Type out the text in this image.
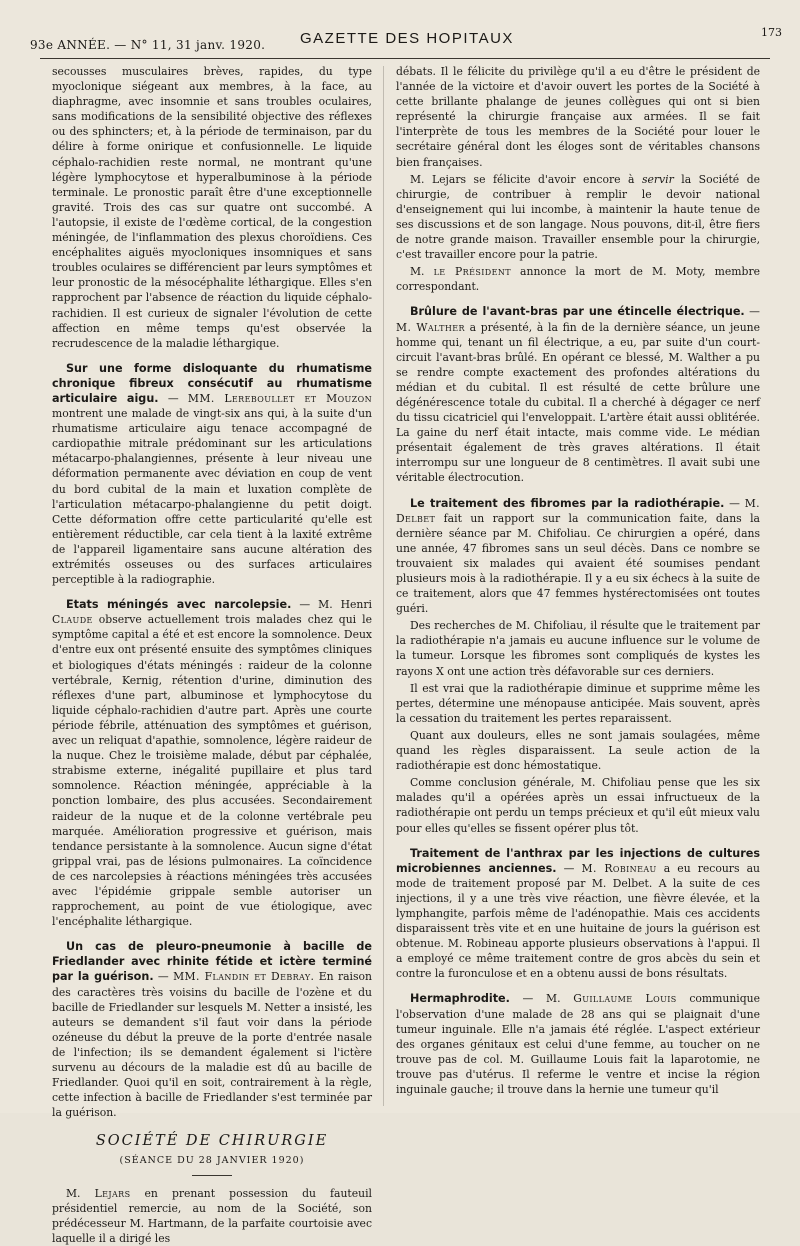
93e ANNÉE. — N° 11, 31 janv. 1920. GAZETTE DES HOPITAUX	173

secousses musculaires brèves, rapides, du type myoclonique siégeant aux membres, à la face, au diaphragme, avec insomnie et sans troubles oculaires, sans modifications de la sensibilité objective des réflexes ou des sphincters; et, à la période de terminaison, par du délire à forme onirique et confusionnelle. Le liquide céphalo-rachidien reste normal, ne montrant qu'une légère lymphocytose et hyperalbuminose à la période terminale. Le pronostic paraît être d'une exceptionnelle gravité. Trois des cas sur quatre ont succombé. A l'autopsie, il existe de l'œdème cortical, de la congestion méningée, de l'inflammation des plexus choroïdiens. Ces encéphalites aiguës myocloniques insomniques et sans troubles oculaires se différencient par leurs symptômes et leur pronostic de la mésocéphalite léthargique. Elles s'en rapprochent par l'absence de réaction du liquide céphalo-rachidien. Il est curieux de signaler l'évolution de cette affection en même temps qu'est observée la recrudescence de la maladie léthargique.

Sur une forme disloquante du rhumatisme chronique fibreux consécutif au rhumatisme articulaire aigu. — MM. Lereboullet et Mouzon montrent une malade de vingt-six ans qui, à la suite d'un rhumatisme articulaire aigu tenace accompagné de cardiopathie mitrale prédominant sur les articulations métacarpo-phalangiennes, présente à leur niveau une déformation permanente avec déviation en coup de vent du bord cubital de la main et luxation complète de l'articulation métacarpo-phalangienne du petit doigt. Cette déformation offre cette particularité qu'elle est entièrement réductible, car cela tient à la laxité extrême de l'appareil ligamentaire sans aucune altération des extrémités osseuses ou des surfaces articulaires perceptible à la radiographie.

Etats méningés avec narcolepsie. — M. Henri Claude observe actuellement trois malades chez qui le symptôme capital a été et est encore la somnolence. Deux d'entre eux ont présenté ensuite des symptômes cliniques et biologiques d'états méningés : raideur de la colonne vertébrale, Kernig, rétention d'urine, diminution des réflexes d'une part, albuminose et lymphocytose du liquide céphalo-rachidien d'autre part. Après une courte période fébrile, atténuation des symptômes et guérison, avec un reliquat d'apathie, somnolence, légère raideur de la nuque. Chez le troisième malade, début par céphalée, strabisme externe, inégalité pupillaire et plus tard somnolence. Réaction méningée, appréciable à la ponction lombaire, des plus accusées. Secondairement raideur de la nuque et de la colonne vertébrale peu marquée. Amélioration progressive et guérison, mais tendance persistante à la somnolence. Aucun signe d'état grippal vrai, pas de lésions pulmonaires. La coïncidence de ces narcolepsies à réactions méningées très accusées avec l'épidémie grippale semble autoriser un rapprochement, au point de vue étiologique, avec l'encéphalite léthargique.

Un cas de pleuro-pneumonie à bacille de Friedlander avec rhinite fétide et ictère terminé par la guérison. — MM. Flandin et Debray. En raison des caractères très voisins du bacille de l'ozène et du bacille de Friedlander sur lesquels M. Netter a insisté, les auteurs se demandent s'il faut voir dans la période ozéneuse du début la preuve de la porte d'entrée nasale de l'infection; ils se demandent également si l'ictère survenu au décours de la maladie est dû au bacille de Friedlander. Quoi qu'il en soit, contrairement à la règle, cette infection à bacille de Friedlander s'est terminée par la guérison.

SOCIÉTÉ DE CHIRURGIE
(SÉANCE DU 28 JANVIER 1920)

M. Lejars en prenant possession du fauteuil présidentiel remercie, au nom de la Société, son prédécesseur M. Hartmann, de la parfaite courtoisie avec laquelle il a dirigé les

débats. Il le félicite du privilège qu'il a eu d'être le président de l'année de la victoire et d'avoir ouvert les portes de la Société à cette brillante phalange de jeunes collègues qui ont si bien représenté la chirurgie française aux armées. Il se fait l'interprète de tous les membres de la Société pour louer le secrétaire général dont les éloges sont de véritables chansons bien françaises.

M. Lejars se félicite d'avoir encore à servir la Société de chirurgie, de contribuer à remplir le devoir national d'enseignement qui lui incombe, à maintenir la haute tenue de ses discussions et de son langage. Nous pouvons, dit-il, être fiers de notre grande maison. Travailler ensemble pour la chirurgie, c'est travailler encore pour la patrie.

M. le Président annonce la mort de M. Moty, membre correspondant.

Brûlure de l'avant-bras par une étincelle électrique. — M. Walther a présenté, à la fin de la dernière séance, un jeune homme qui, tenant un fil électrique, a eu, par suite d'un court-circuit l'avant-bras brûlé. En opérant ce blessé, M. Walther a pu se rendre compte exactement des profondes altérations du médian et du cubital. Il est résulté de cette brûlure une dégénérescence totale du cubital. Il a cherché à dégager ce nerf du tissu cicatriciel qui l'enveloppait. L'artère était aussi oblitérée. La gaine du nerf était intacte, mais comme vide. Le médian présentait également de très graves altérations. Il était interrompu sur une longueur de 8 centimètres. Il avait subi une véritable électrocution.

Le traitement des fibromes par la radiothérapie. — M. Delbet fait un rapport sur la communication faite, dans la dernière séance par M. Chifoliau. Ce chirurgien a opéré, dans une année, 47 fibromes sans un seul décès. Dans ce nombre se trouvaient six malades qui avaient été soumises pendant plusieurs mois à la radiothérapie. Il y a eu six échecs à la suite de ce traitement, alors que 47 femmes hystérectomisées ont toutes guéri.

Des recherches de M. Chifoliau, il résulte que le traitement par la radiothérapie n'a jamais eu aucune influence sur le volume de la tumeur. Lorsque les fibromes sont compliqués de kystes les rayons X ont une action très défavorable sur ces derniers.

Il est vrai que la radiothérapie diminue et supprime même les pertes, détermine une ménopause anticipée. Mais souvent, après la cessation du traitement les pertes reparaissent.

Quant aux douleurs, elles ne sont jamais soulagées, même quand les règles disparaissent. La seule action de la radiothérapie est donc hémostatique.

Comme conclusion générale, M. Chifoliau pense que les six malades qu'il a opérées après un essai infructueux de la radiothérapie ont perdu un temps précieux et qu'il eût mieux valu pour elles qu'elles se fissent opérer plus tôt.

Traitement de l'anthrax par les injections de cultures microbiennes anciennes. — M. Robineau a eu recours au mode de traitement proposé par M. Delbet. A la suite de ces injections, il y a une très vive réaction, une fièvre élevée, et la lymphangite, parfois même de l'adénopathie. Mais ces accidents disparaissent très vite et en une huitaine de jours la guérison est obtenue. M. Robineau apporte plusieurs observations à l'appui. Il a employé ce même traitement contre de gros abcès du sein et contre la furonculose et en a obtenu aussi de bons résultats.

Hermaphrodite. — M. Guillaume Louis communique l'observation d'une malade de 28 ans qui se plaignait d'une tumeur inguinale. Elle n'a jamais été réglée. L'aspect extérieur des organes génitaux est celui d'une femme, au toucher on ne trouve pas de col. M. Guillaume Louis fait la laparotomie, ne trouve pas d'utérus. Il referme le ventre et incise la région inguinale gauche; il trouve dans la hernie une tumeur qu'il
